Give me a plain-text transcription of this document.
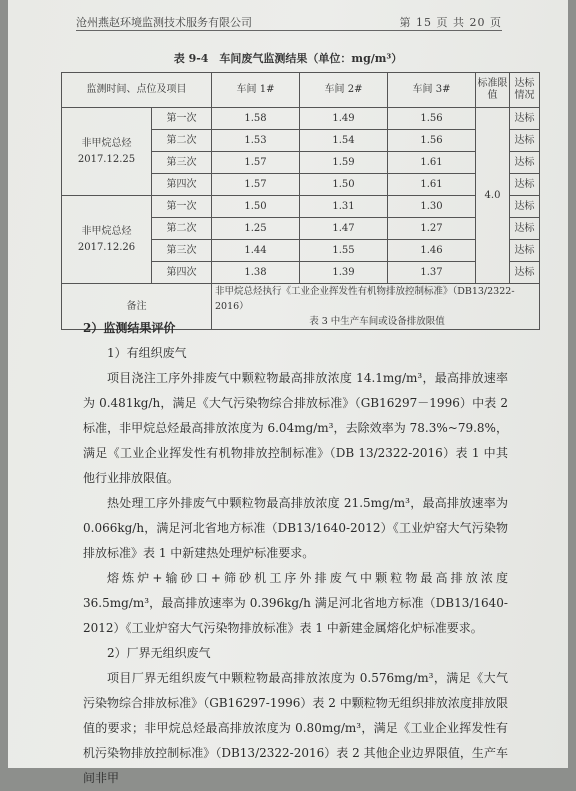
沧州燕赵环境监测技术服务有限公司	第 15 页 共 20 页
表 9-4　车间废气监测结果（单位：mg/m³）
监测时间、点位及项目		车间 1#	车间 2#	车间 3#	标准限值	达标情况
非甲烷总烃
2017.12.25	第一次	1.58	1.49	1.56	4.0	达标
	第二次	1.53	1.54	1.56		达标
	第三次	1.57	1.59	1.61		达标
	第四次	1.57	1.50	1.61		达标
非甲烷总烃
2017.12.26	第一次	1.50	1.31	1.30		达标
	第二次	1.25	1.47	1.27		达标
	第三次	1.44	1.55	1.46		达标
	第四次	1.38	1.39	1.37		达标
备注		非甲烷总烃执行《工业企业挥发性有机物排放控制标准》（DB13/2322-2016）
表 3 中生产车间或设备排放限值				

2）监测结果评价

1）有组织废气

项目浇注工序外排废气中颗粒物最高排放浓度 14.1mg/m³，最高排放速率为 0.481kg/h，满足《大气污染物综合排放标准》（GB16297－1996）中表 2 标准，非甲烷总烃最高排放浓度为 6.04mg/m³，去除效率为 78.3%~79.8%，满足《工业企业挥发性有机物排放控制标准》（DB 13/2322-2016）表 1 中其他行业排放限值。

热处理工序外排废气中颗粒物最高排放浓度 21.5mg/m³，最高排放速率为 0.066kg/h，满足河北省地方标准（DB13/1640-2012）《工业炉窑大气污染物排放标准》表 1 中新建热处理炉标准要求。

熔炼炉+输砂口+筛砂机工序外排废气中颗粒物最高排放浓度 36.5mg/m³，最高排放速率为 0.396kg/h 满足河北省地方标准（DB13/1640-2012）《工业炉窑大气污染物排放标准》表 1 中新建金属熔化炉标准要求。

2）厂界无组织废气

项目厂界无组织废气中颗粒物最高排放浓度为 0.576mg/m³，满足《大气污染物综合排放标准》（GB16297-1996）表 2 中颗粒物无组织排放浓度排放限值的要求；非甲烷总烃最高排放浓度为 0.80mg/m³，满足《工业企业挥发性有机污染物排放控制标准》（DB13/2322-2016）表 2 其他企业边界限值，生产车间非甲
